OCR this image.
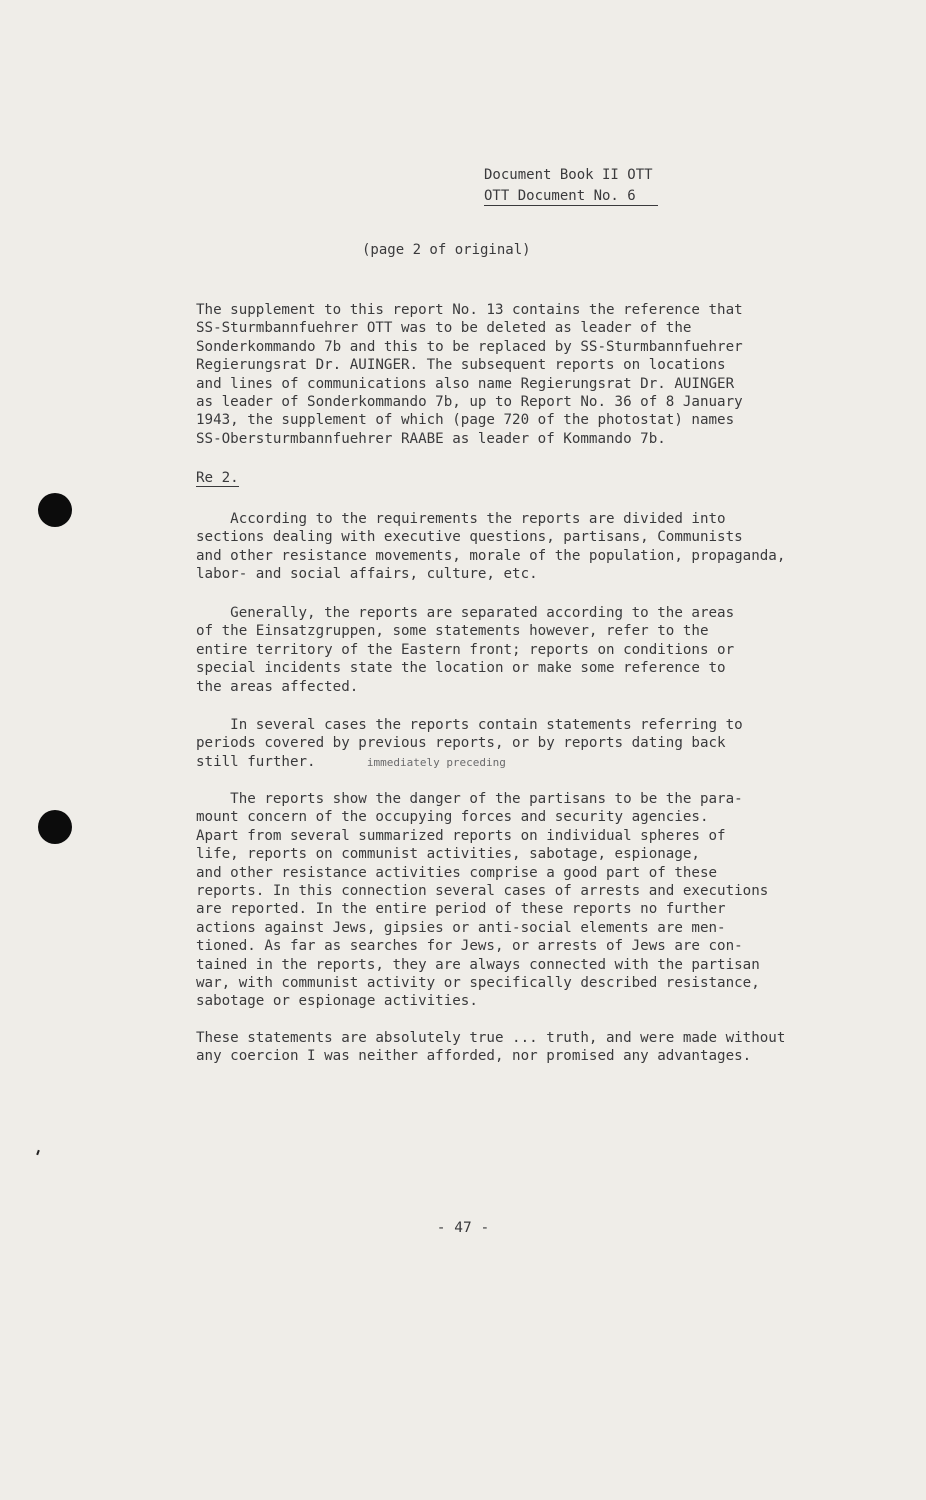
Document Book II OTT
OTT Document No. 6
(page 2 of original)
The supplement to this report No. 13 contains the reference that
SS-Sturmbannfuehrer OTT was to be deleted as leader of the
Sonderkommando 7b and this to be replaced by SS-Sturmbannfuehrer
Regierungsrat Dr. AUINGER. The subsequent reports on locations
and lines of communications also name Regierungsrat Dr. AUINGER
as leader of Sonderkommando 7b, up to Report No. 36 of 8 January
1943, the supplement of which (page 720 of the photostat) names
SS-Obersturmbannfuehrer RAABE as leader of Kommando 7b.
Re 2.
According to the requirements the reports are divided into
sections dealing with executive questions, partisans, Communists
and other resistance movements, morale of the population, propaganda,
labor- and social affairs, culture, etc.
Generally, the reports are separated according to the areas
of the Einsatzgruppen, some statements however, refer to the
entire territory of the Eastern front; reports on conditions or
special incidents state the location or make some reference to
the areas affected.
In several cases the reports contain statements referring to
periods covered by previous reports, or by reports dating back
still further.	immediately preceding
The reports show the danger of the partisans to be the para-
mount concern of the occupying forces and security agencies.
Apart from several summarized reports on individual spheres of
life, reports on communist activities, sabotage, espionage,
and other resistance activities comprise a good part of these
reports. In this connection several cases of arrests and executions
are reported. In the entire period of these reports no further
actions against Jews, gipsies or anti-social elements are men-
tioned. As far as searches for Jews, or arrests of Jews are con-
tained in the reports, they are always connected with the partisan
war, with communist activity or specifically described resistance,
sabotage or espionage activities.
These statements are absolutely true ... truth, and were made without
any coercion I was neither afforded, nor promised any advantages.
- 47 -
